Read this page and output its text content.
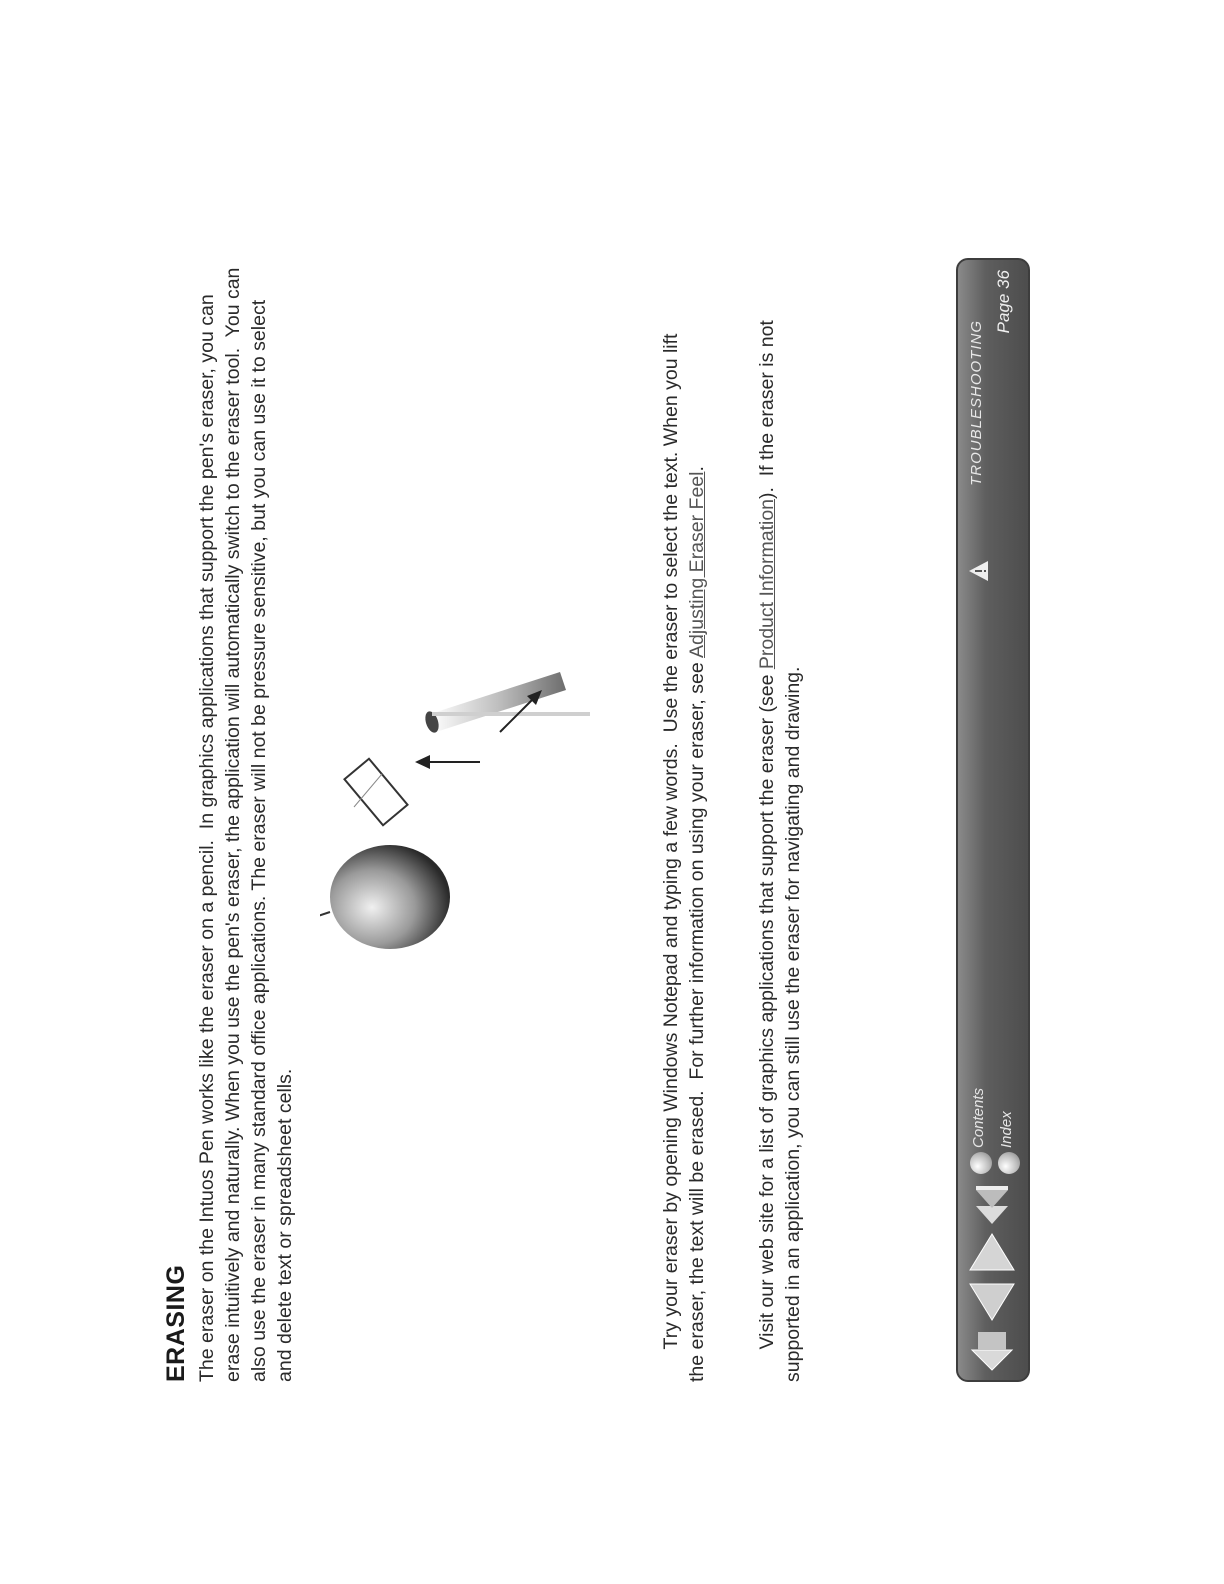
ERASING The eraser on the Intuos Pen works like the eraser on a pencil.  In graphics applications that support the pen's eraser, you can erase intuitively and naturally. When you use the pen's eraser, the application will automatically switch to the eraser tool.  You can also use the eraser in many standard office applications. The eraser will not be pressure sensitive, but you can use it to select and delete text or spreadsheet cells.	Try your eraser by opening Windows Notepad and typing a few words.  Use the eraser to select the text. When you lift the eraser, the text will be erased.  For further information on using your eraser, see Adjusting Eraser Feel.

Visit our web site for a list of graphics applications that support the eraser (see Product Information).  If the eraser is not supported in an application, you can still use the eraser for navigating and drawing.
	Contents Index
TROUBLESHOOTING
Page 36
